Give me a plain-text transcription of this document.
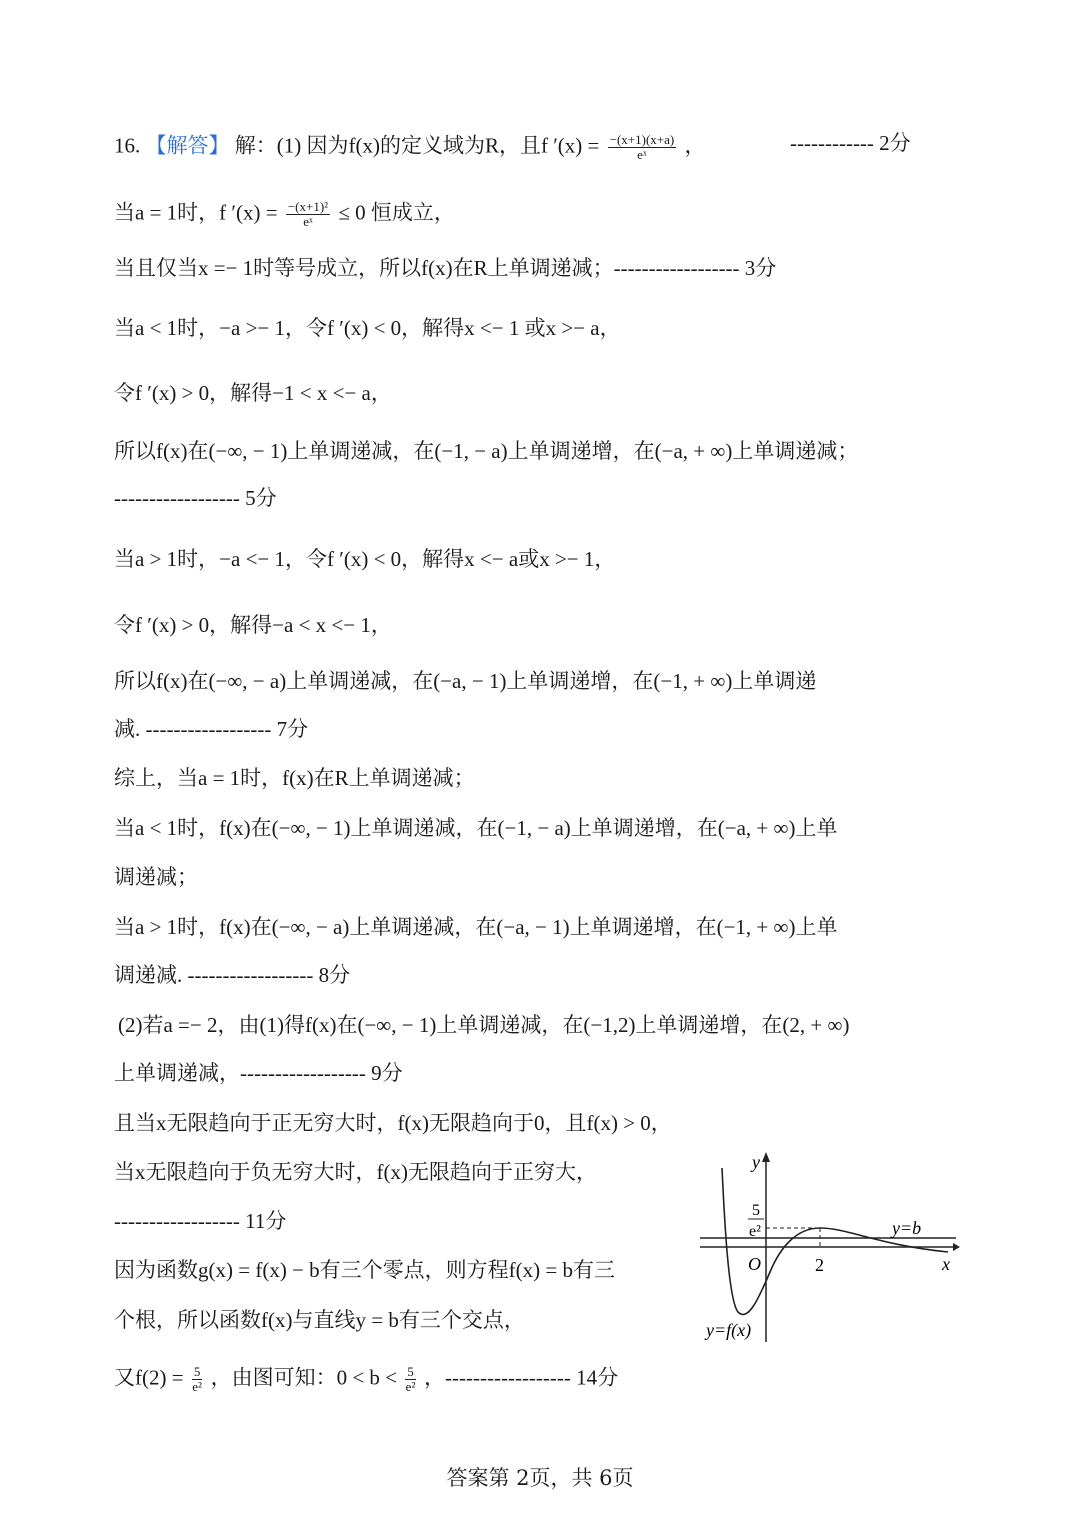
16. 【解答】 解：(1) 因为f(x)的定义域为R，且f $'(x) = \frac{-(x+1)(x+a)}{\text{eˣ}}$ ，	------------ 2分
当a = 1时，f $'(x) = \frac{\text{−(x+1)²}}{\text{eˣ}} \le 0$ 恒成立，
当且仅当x =− 1时等号成立，所以f(x)在R上单调递减；------------------ 3分
当a < 1时，−a >− 1，令f ′(x) < 0，解得x <− 1 或x >− a，
令f ′(x) > 0，解得−1 < x <− a，
所以f(x)在(−∞, − 1)上单调递减，在(−1, − a)上单调递增，在(−a, + ∞)上单调递减；
------------------ 5分
当a > 1时，−a <− 1，令f ′(x) < 0，解得x <− a或x >− 1，
令f ′(x) > 0，解得−a < x <− 1，
所以f(x)在(−∞, − a)上单调递减，在(−a, − 1)上单调递增，在(−1, + ∞)上单调递
减. ------------------ 7分
综上，当a = 1时，f(x)在R上单调递减；
当a < 1时，f(x)在(−∞, − 1)上单调递减，在(−1, − a)上单调递增，在(−a, + ∞)上单
调递减；
当a > 1时，f(x)在(−∞, − a)上单调递减，在(−a, − 1)上单调递增，在(−1, + ∞)上单
调递减. ------------------ 8分
(2)若a =− 2，由(1)得f(x)在(−∞, − 1)上单调递减，在(−1,2)上单调递增，在(2, + ∞)
上单调递减，------------------ 9分
且当x无限趋向于正无穷大时，f(x)无限趋向于0，且f(x) > 0，
当x无限趋向于负无穷大时，f(x)无限趋向于正穷大，
------------------ 11分
因为函数g(x) = f(x) − b有三个零点，则方程f(x) = b有三
个根，所以函数f(x)与直线y = b有三个交点，
又$f(2) = \frac{5}{\text{e²}}$ ，由图可知：$0 < b < \frac{5}{\text{e²}}$ ，------------------ 14分
y
x
O	2
5
e²	y=b
y=f(x)
答案第 2页，共 6页
